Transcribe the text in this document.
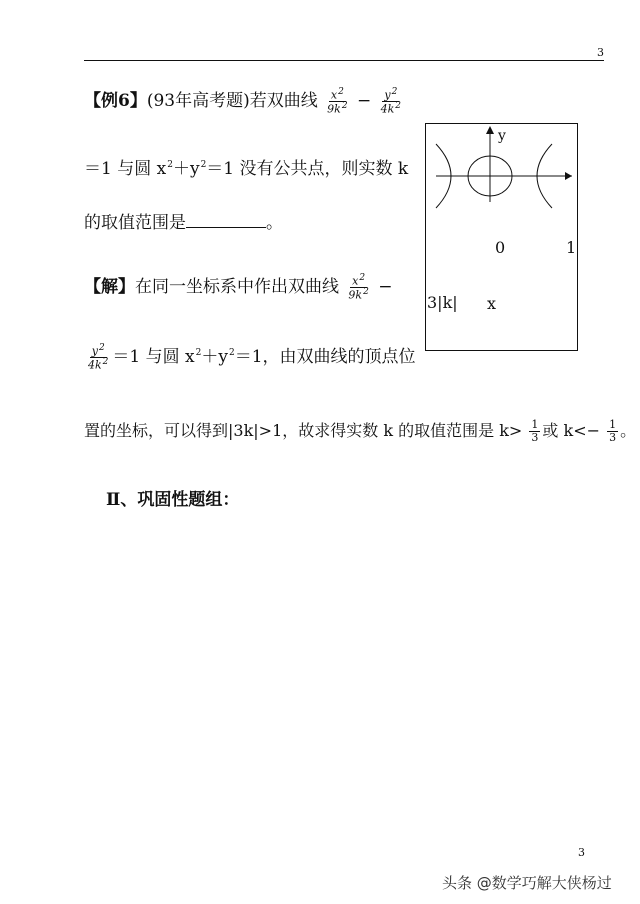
3
【例6】(93年高考题)若双曲线 $\frac{x^2}{9k^2} - \frac{y^2}{4k^2}$
＝1 与圆 $x^2+y^2=1$ 没有公共点，则实数 k
的取值范围是	。
y
0	1
3|k| x
【解】在同一坐标系中作出双曲线 $\frac{x^2}{9k^2}$ −
$\frac{y^2}{4k^2} =1$ 与圆 $x^2+y^2=1$，由双曲线的顶点位
置的坐标，可以得到|3k|>1，故求得实数 k 的取值范围是 $k> \frac{1}{3}$ 或 $k<- \frac{1}{3}$ 。
Ⅱ、巩固性题组：
3
头条 @数学巧解大侠杨过
